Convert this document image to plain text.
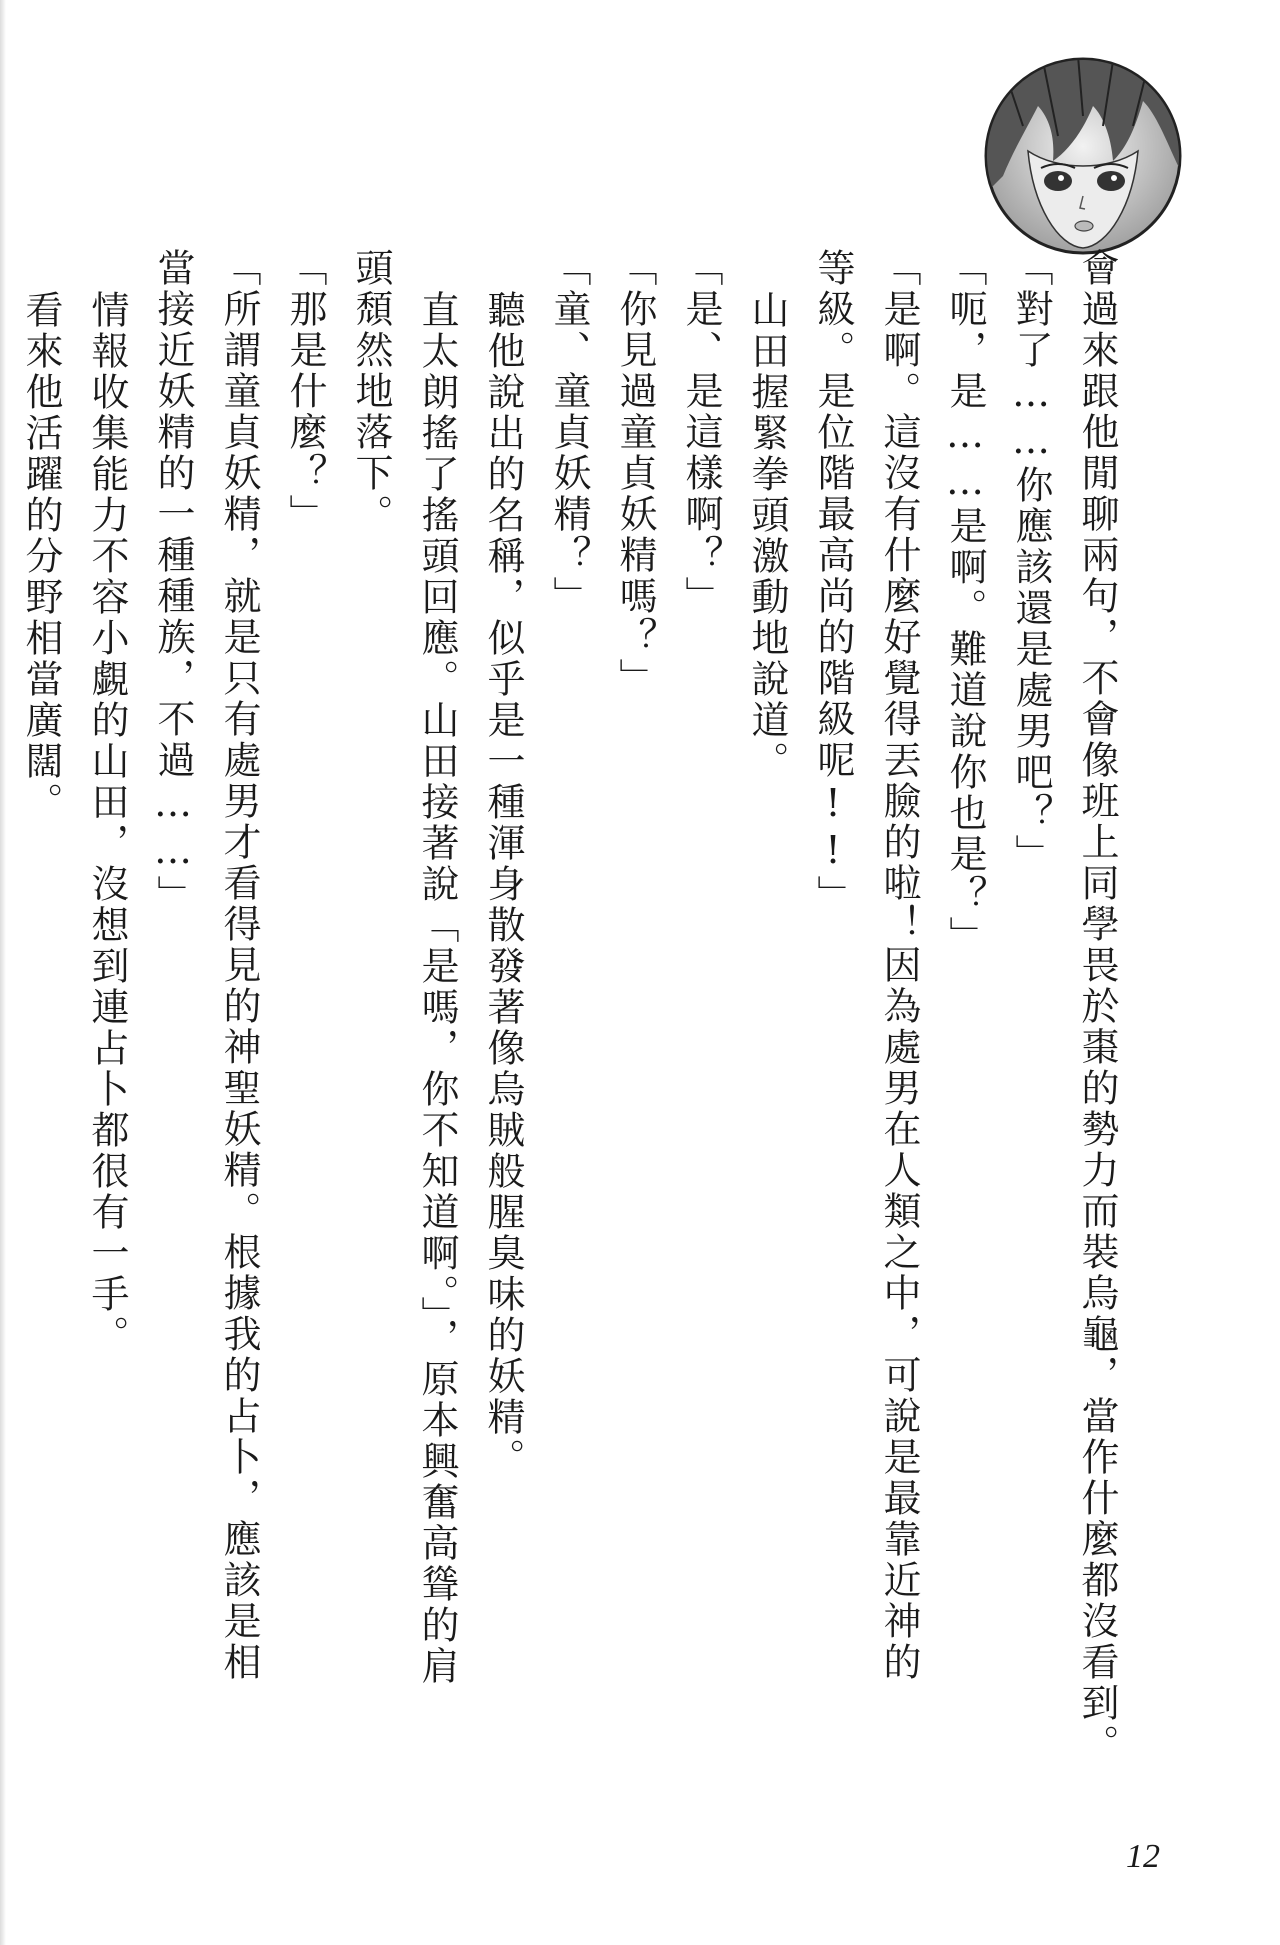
會過來跟他閒聊兩句，不會像班上同學畏於棗的勢力而裝烏龜，當作什麼都沒看到。

「對了……你應該還是處男吧？」

「呃，是……是啊。難道說你也是？」

「是啊。這沒有什麼好覺得丟臉的啦！因為處男在人類之中，可說是最靠近神的

等級。是位階最高尚的階級呢!!」

山田握緊拳頭激動地說道。

「是、是這樣啊？」

「你見過童貞妖精嗎？」

「童、童貞妖精？」

聽他說出的名稱，似乎是一種渾身散發著像烏賊般腥臭味的妖精。

直太朗搖了搖頭回應。山田接著說「是嗎，你不知道啊。」，原本興奮高聳的肩

頭頹然地落下。

「那是什麼？」

「所謂童貞妖精，就是只有處男才看得見的神聖妖精。根據我的占卜，應該是相

當接近妖精的一種種族，不過……」

情報收集能力不容小覷的山田，沒想到連占卜都很有一手。

看來他活躍的分野相當廣闊。

12
